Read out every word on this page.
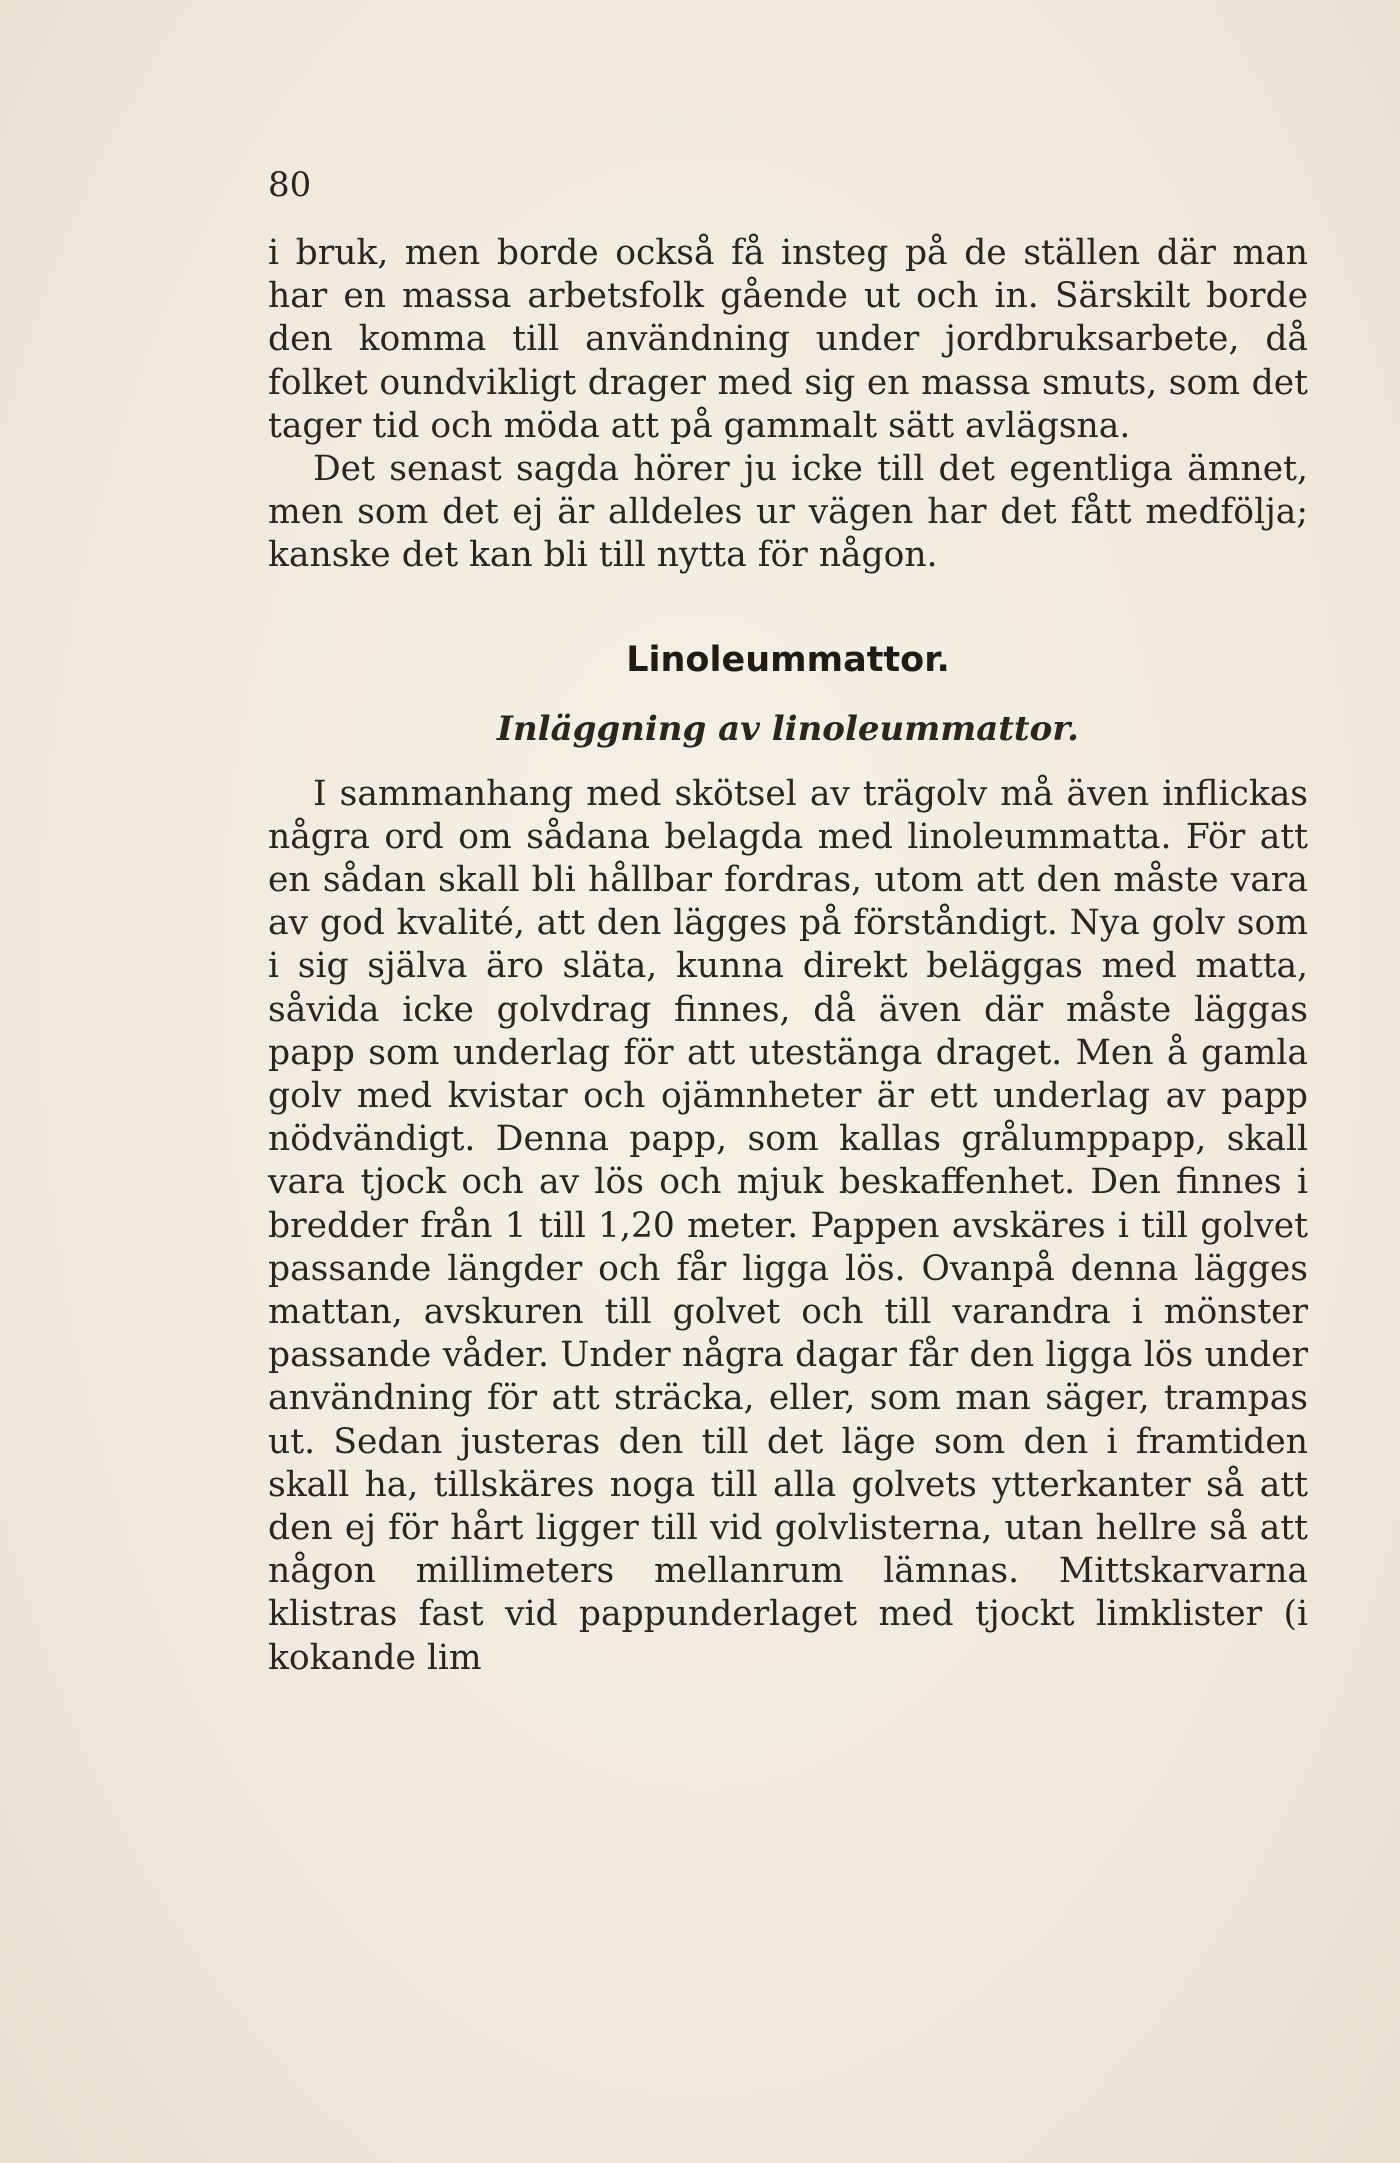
80

i bruk, men borde också få insteg på de ställen där man har en massa arbetsfolk gående ut och in. Särskilt borde den komma till användning under jordbruksarbete, då folket oundvikligt drager med sig en massa smuts, som det tager tid och möda att på gammalt sätt avlägsna.

Det senast sagda hörer ju icke till det egentliga ämnet, men som det ej är alldeles ur vägen har det fått medfölja; kanske det kan bli till nytta för någon.

Linoleummattor.
Inläggning av linoleummattor.

I sammanhang med skötsel av trägolv må även inflickas några ord om sådana belagda med linoleummatta. För att en sådan skall bli hållbar fordras, utom att den måste vara av god kvalité, att den lägges på förståndigt. Nya golv som i sig själva äro släta, kunna direkt beläggas med matta, såvida icke golvdrag finnes, då även där måste läggas papp som underlag för att utestänga draget. Men å gamla golv med kvistar och ojämnheter är ett underlag av papp nödvändigt. Denna papp, som kallas grålumppapp, skall vara tjock och av lös och mjuk beskaffenhet. Den finnes i bredder från 1 till 1,20 meter. Pappen avskäres i till golvet passande längder och får ligga lös. Ovanpå denna lägges mattan, avskuren till golvet och till varandra i mönster passande våder. Under några dagar får den ligga lös under användning för att sträcka, eller, som man säger, trampas ut. Sedan justeras den till det läge som den i framtiden skall ha, tillskäres noga till alla golvets ytterkanter så att den ej för hårt ligger till vid golvlisterna, utan hellre så att någon millimeters mellanrum lämnas. Mittskarvarna klistras fast vid pappunderlaget med tjockt limklister (i kokande lim
